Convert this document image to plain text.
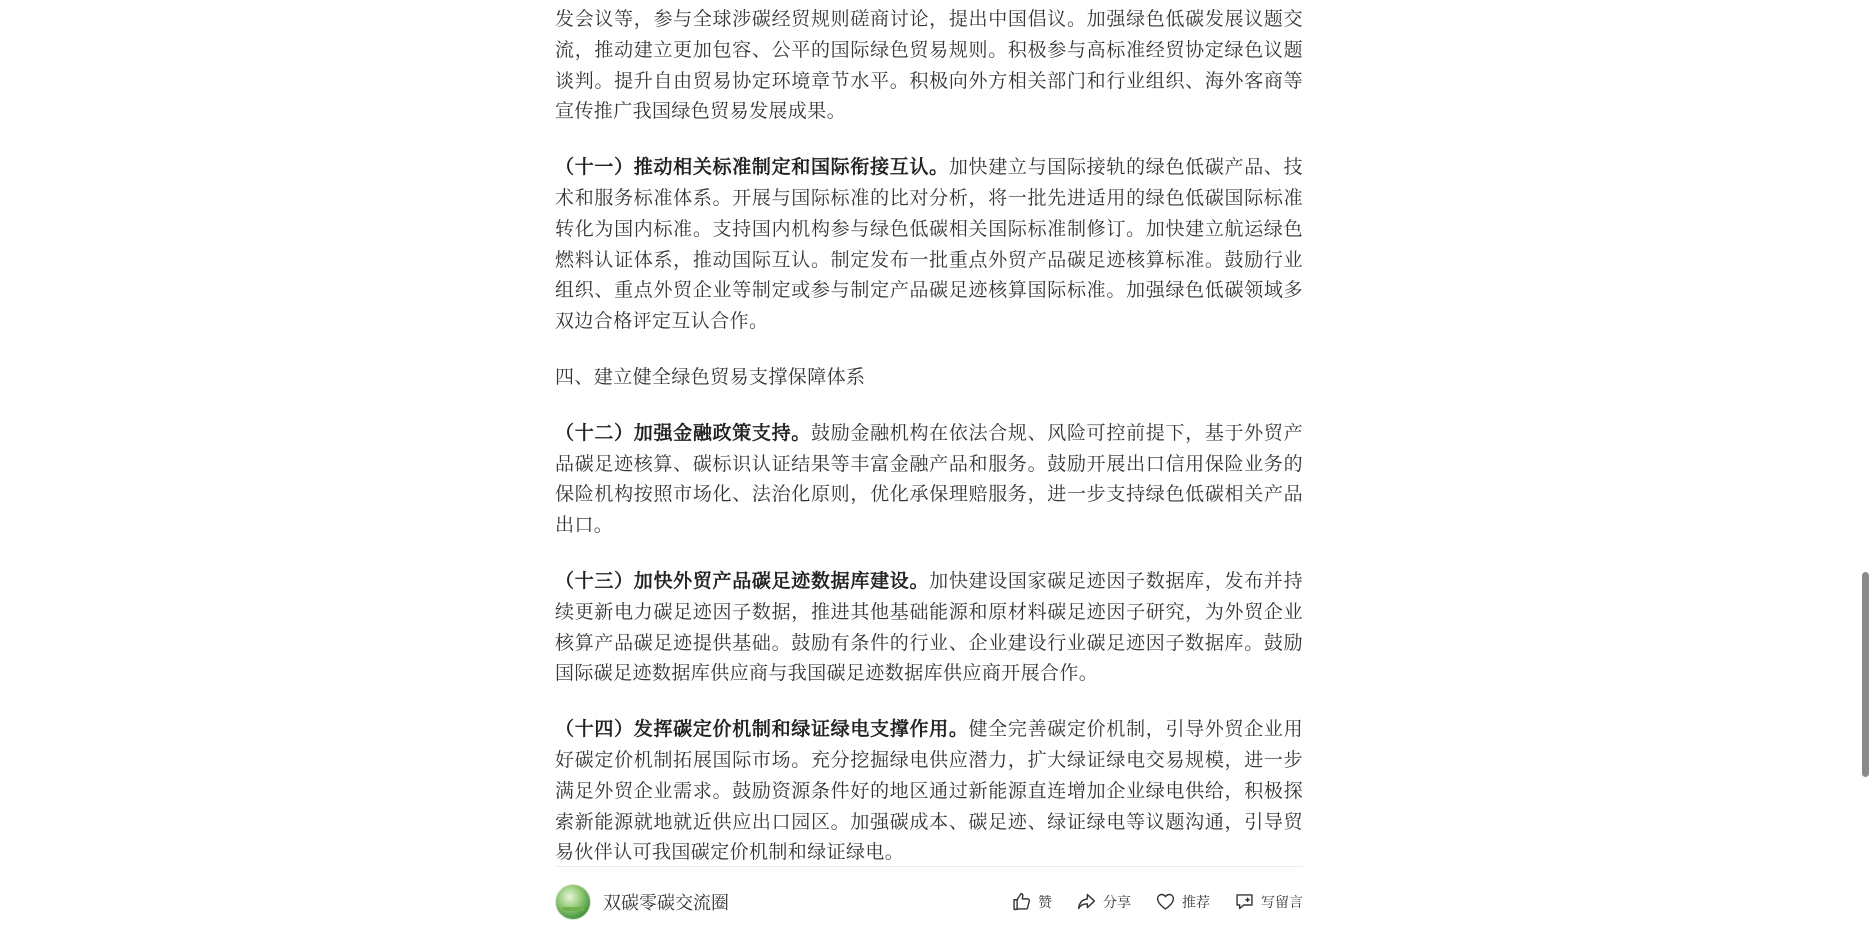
发会议等，参与全球涉碳经贸规则磋商讨论，提出中国倡议。加强绿色低碳发展议题交流，推动建立更加包容、公平的国际绿色贸易规则。积极参与高标准经贸协定绿色议题谈判。提升自由贸易协定环境章节水平。积极向外方相关部门和行业组织、海外客商等宣传推广我国绿色贸易发展成果。

（十一）推动相关标准制定和国际衔接互认。加快建立与国际接轨的绿色低碳产品、技术和服务标准体系。开展与国际标准的比对分析，将一批先进适用的绿色低碳国际标准转化为国内标准。支持国内机构参与绿色低碳相关国际标准制修订。加快建立航运绿色燃料认证体系，推动国际互认。制定发布一批重点外贸产品碳足迹核算标准。鼓励行业组织、重点外贸企业等制定或参与制定产品碳足迹核算国际标准。加强绿色低碳领域多双边合格评定互认合作。

四、建立健全绿色贸易支撑保障体系

（十二）加强金融政策支持。鼓励金融机构在依法合规、风险可控前提下，基于外贸产品碳足迹核算、碳标识认证结果等丰富金融产品和服务。鼓励开展出口信用保险业务的保险机构按照市场化、法治化原则，优化承保理赔服务，进一步支持绿色低碳相关产品出口。

（十三）加快外贸产品碳足迹数据库建设。加快建设国家碳足迹因子数据库，发布并持续更新电力碳足迹因子数据，推进其他基础能源和原材料碳足迹因子研究，为外贸企业核算产品碳足迹提供基础。鼓励有条件的行业、企业建设行业碳足迹因子数据库。鼓励国际碳足迹数据库供应商与我国碳足迹数据库供应商开展合作。

（十四）发挥碳定价机制和绿证绿电支撑作用。健全完善碳定价机制，引导外贸企业用好碳定价机制拓展国际市场。充分挖掘绿电供应潜力，扩大绿证绿电交易规模，进一步满足外贸企业需求。鼓励资源条件好的地区通过新能源直连增加企业绿电供给，积极探索新能源就地就近供应出口园区。加强碳成本、碳足迹、绿证绿电等议题沟通，引导贸易伙伴认可我国碳定价机制和绿证绿电。

双碳零碳交流圈	赞	分享	推荐	写留言
